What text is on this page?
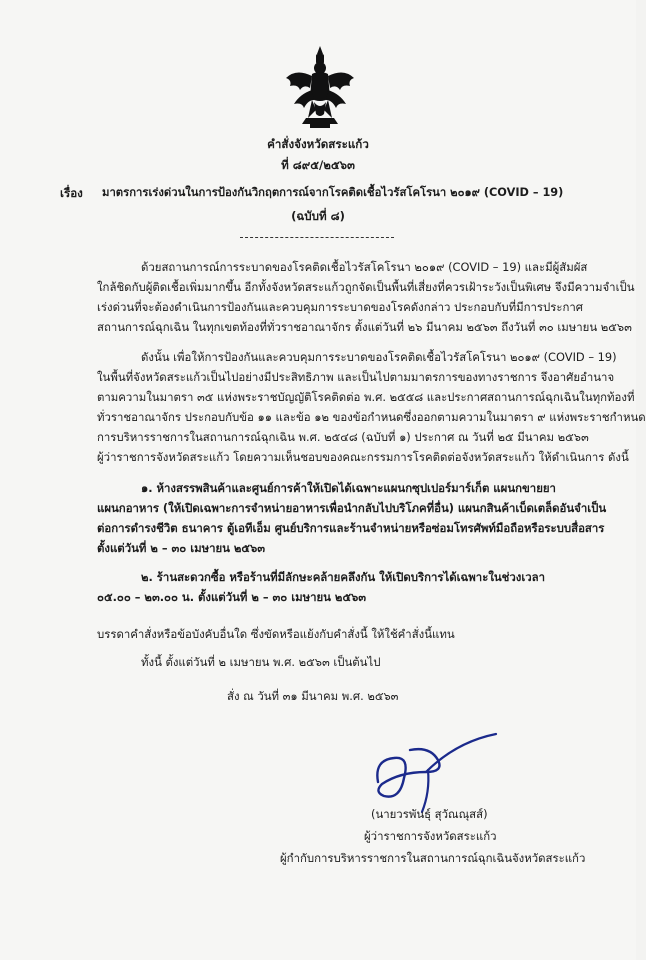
คำสั่งจังหวัดสระแก้ว
ที่ ๘๙๕/๒๕๖๓
เรื่อง มาตรการเร่งด่วนในการป้องกันวิกฤตการณ์จากโรคติดเชื้อไวรัสโคโรนา ๒๐๑๙ (COVID – 19)
(ฉบับที่ ๘)
ด้วยสถานการณ์การระบาดของโรคติดเชื้อไวรัสโคโรนา ๒๐๑๙ (COVID – 19) และมีผู้สัมผัส
ใกล้ชิดกับผู้ติดเชื้อเพิ่มมากขึ้น อีกทั้งจังหวัดสระแก้วถูกจัดเป็นพื้นที่เสี่ยงที่ควรเฝ้าระวังเป็นพิเศษ จึงมีความจำเป็น
เร่งด่วนที่จะต้องดำเนินการป้องกันและควบคุมการระบาดของโรคดังกล่าว ประกอบกับที่มีการประกาศ
สถานการณ์ฉุกเฉิน ในทุกเขตท้องที่ทั่วราชอาณาจักร ตั้งแต่วันที่ ๒๖ มีนาคม ๒๕๖๓ ถึงวันที่ ๓๐ เมษายน ๒๕๖๓
ดังนั้น เพื่อให้การป้องกันและควบคุมการระบาดของโรคติดเชื้อไวรัสโคโรนา ๒๐๑๙ (COVID – 19)
ในพื้นที่จังหวัดสระแก้วเป็นไปอย่างมีประสิทธิภาพ และเป็นไปตามมาตรการของทางราชการ จึงอาศัยอำนาจ
ตามความในมาตรา ๓๕ แห่งพระราชบัญญัติโรคติดต่อ พ.ศ. ๒๕๕๘ และประกาศสถานการณ์ฉุกเฉินในทุกท้องที่
ทั่วราชอาณาจักร ประกอบกับข้อ ๑๑ และข้อ ๑๒ ของข้อกำหนดซึ่งออกตามความในมาตรา ๙ แห่งพระราชกำหนด
การบริหารราชการในสถานการณ์ฉุกเฉิน พ.ศ. ๒๕๔๘ (ฉบับที่ ๑) ประกาศ ณ วันที่ ๒๕ มีนาคม ๒๕๖๓
ผู้ว่าราชการจังหวัดสระแก้ว โดยความเห็นชอบของคณะกรรมการโรคติดต่อจังหวัดสระแก้ว ให้ดำเนินการ ดังนี้
๑. ห้างสรรพสินค้าและศูนย์การค้าให้เปิดได้เฉพาะแผนกซุปเปอร์มาร์เก็ต แผนกขายยา
แผนกอาหาร (ให้เปิดเฉพาะการจำหน่ายอาหารเพื่อนำกลับไปบริโภคที่อื่น) แผนกสินค้าเบ็ดเตล็ดอันจำเป็น
ต่อการดำรงชีวิต ธนาคาร ตู้เอทีเอ็ม ศูนย์บริการและร้านจำหน่ายหรือซ่อมโทรศัพท์มือถือหรือระบบสื่อสาร
ตั้งแต่วันที่ ๒ – ๓๐ เมษายน ๒๕๖๓
๒. ร้านสะดวกซื้อ หรือร้านที่มีลักษะคล้ายคลึงกัน ให้เปิดบริการได้เฉพาะในช่วงเวลา
๐๕.๐๐ – ๒๓.๐๐ น. ตั้งแต่วันที่ ๒ – ๓๐ เมษายน ๒๕๖๓
บรรดาคำสั่งหรือข้อบังคับอื่นใด ซึ่งขัดหรือแย้งกับคำสั่งนี้ ให้ใช้คำสั่งนี้แทน
ทั้งนี้ ตั้งแต่วันที่ ๒ เมษายน พ.ศ. ๒๕๖๓ เป็นต้นไป
สั่ง ณ วันที่ ๓๑ มีนาคม พ.ศ. ๒๕๖๓
(นายวรพันธุ์ สุวัณณุสส์)
ผู้ว่าราชการจังหวัดสระแก้ว
ผู้กำกับการบริหารราชการในสถานการณ์ฉุกเฉินจังหวัดสระแก้ว
